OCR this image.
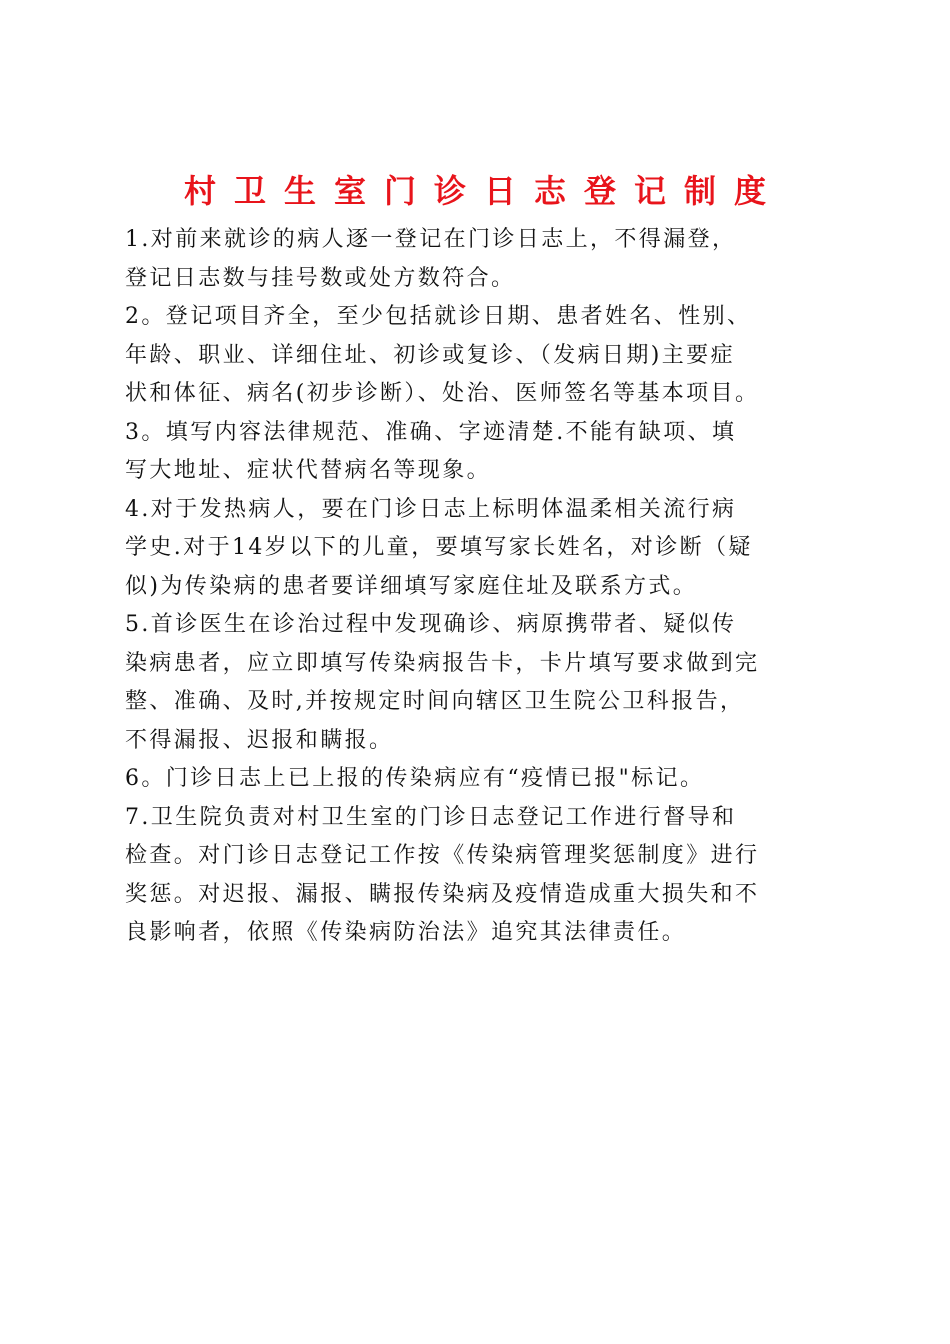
村卫生室门诊日志登记制度
1.对前来就诊的病人逐一登记在门诊日志上，不得漏登，
登记日志数与挂号数或处方数符合。
2。登记项目齐全，至少包括就诊日期、患者姓名、性别、
年龄、职业、详细住址、初诊或复诊、（发病日期)主要症
状和体征、病名(初步诊断）、处治、医师签名等基本项目。
3。填写内容法律规范、准确、字迹清楚.不能有缺项、填
写大地址、症状代替病名等现象。
4.对于发热病人，要在门诊日志上标明体温柔相关流行病
学史.对于14岁以下的儿童，要填写家长姓名，对诊断（疑
似)为传染病的患者要详细填写家庭住址及联系方式。
5.首诊医生在诊治过程中发现确诊、病原携带者、疑似传
染病患者，应立即填写传染病报告卡，卡片填写要求做到完
整、准确、及时,并按规定时间向辖区卫生院公卫科报告，
不得漏报、迟报和瞒报。
6。门诊日志上已上报的传染病应有“疫情已报"标记。
7.卫生院负责对村卫生室的门诊日志登记工作进行督导和
检查。对门诊日志登记工作按《传染病管理奖惩制度》进行
奖惩。对迟报、漏报、瞒报传染病及疫情造成重大损失和不
良影响者，依照《传染病防治法》追究其法律责任。
